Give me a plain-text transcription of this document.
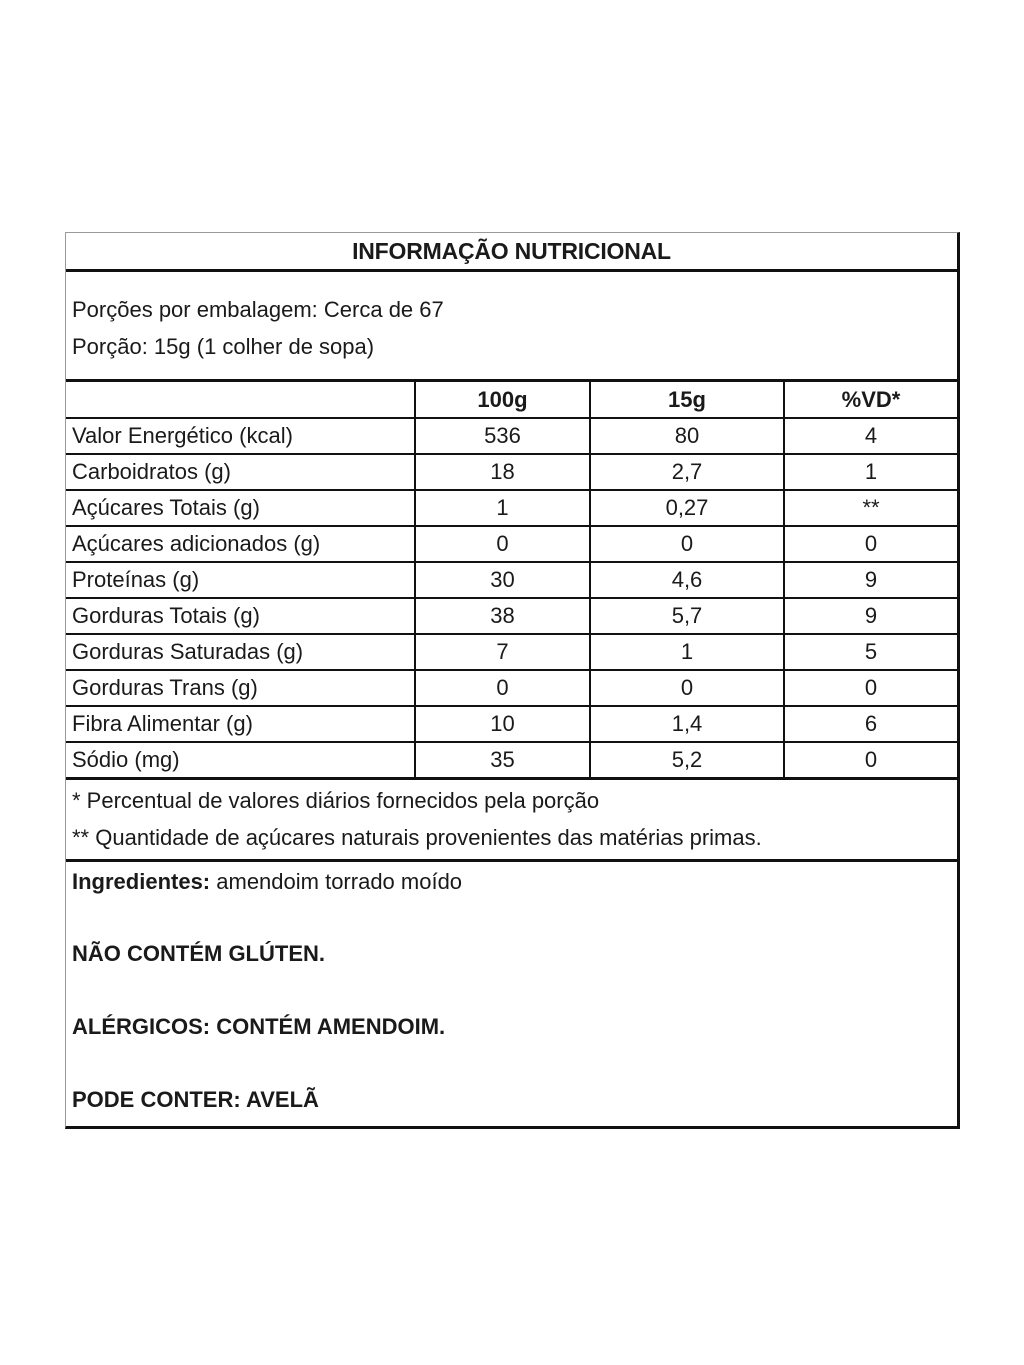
INFORMAÇÃO NUTRICIONAL
Porções por embalagem: Cerca de 67
Porção: 15g (1 colher de sopa)
	100g	15g	%VD*
Valor Energético (kcal)	536	80	4
Carboidratos (g)	18	2,7	1
Açúcares Totais (g)	1	0,27	**
Açúcares adicionados (g)	0	0	0
Proteínas (g)	30	4,6	9
Gorduras Totais (g)	38	5,7	9
Gorduras Saturadas (g)	7	1	5
Gorduras Trans (g)	0	0	0
Fibra Alimentar (g)	10	1,4	6
Sódio (mg)	35	5,2	0
* Percentual de valores diários fornecidos pela porção
** Quantidade de açúcares naturais provenientes das matérias primas.
Ingredientes: amendoim torrado moído
NÃO CONTÉM GLÚTEN.
ALÉRGICOS: CONTÉM AMENDOIM.
PODE CONTER: AVELÃ
